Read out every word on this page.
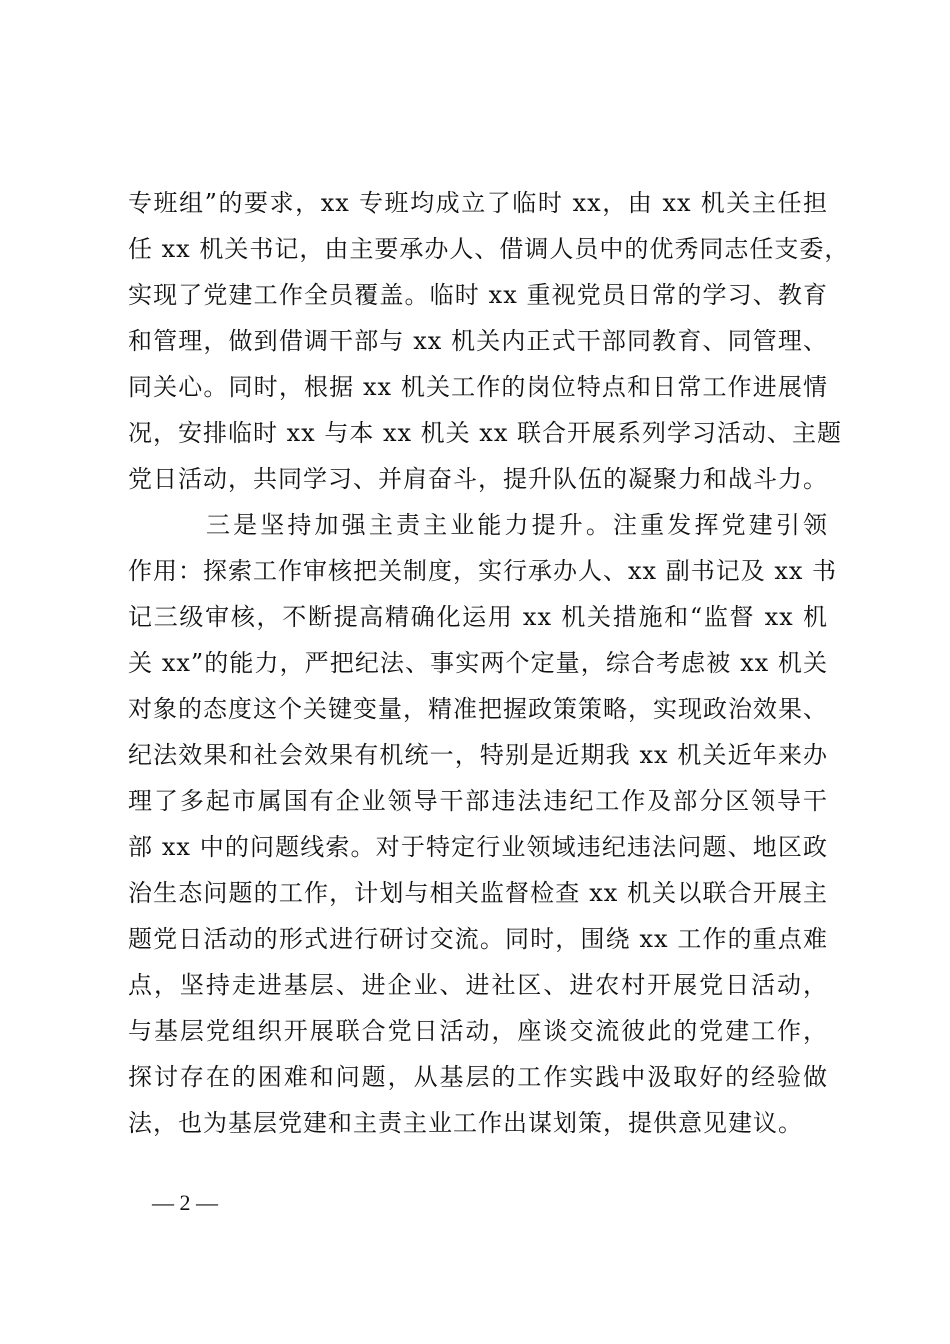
专班组”的要求，xx 专班均成立了临时 xx，由 xx 机关主任担
任 xx 机关书记，由主要承办人、借调人员中的优秀同志任支委，
实现了党建工作全员覆盖。临时 xx 重视党员日常的学习、教育
和管理，做到借调干部与 xx 机关内正式干部同教育、同管理、
同关心。同时，根据 xx 机关工作的岗位特点和日常工作进展情
况，安排临时 xx 与本 xx 机关 xx 联合开展系列学习活动、主题
党日活动，共同学习、并肩奋斗，提升队伍的凝聚力和战斗力。
三是坚持加强主责主业能力提升。注重发挥党建引领
作用：探索工作审核把关制度，实行承办人、xx 副书记及 xx 书
记三级审核，不断提高精确化运用 xx 机关措施和“监督 xx 机
关 xx”的能力，严把纪法、事实两个定量，综合考虑被 xx 机关
对象的态度这个关键变量，精准把握政策策略，实现政治效果、
纪法效果和社会效果有机统一，特别是近期我 xx 机关近年来办
理了多起市属国有企业领导干部违法违纪工作及部分区领导干
部 xx 中的问题线索。对于特定行业领域违纪违法问题、地区政
治生态问题的工作，计划与相关监督检查 xx 机关以联合开展主
题党日活动的形式进行研讨交流。同时，围绕 xx 工作的重点难
点，坚持走进基层、进企业、进社区、进农村开展党日活动，
与基层党组织开展联合党日活动，座谈交流彼此的党建工作，
探讨存在的困难和问题，从基层的工作实践中汲取好的经验做
法，也为基层党建和主责主业工作出谋划策，提供意见建议。
— 2 —
